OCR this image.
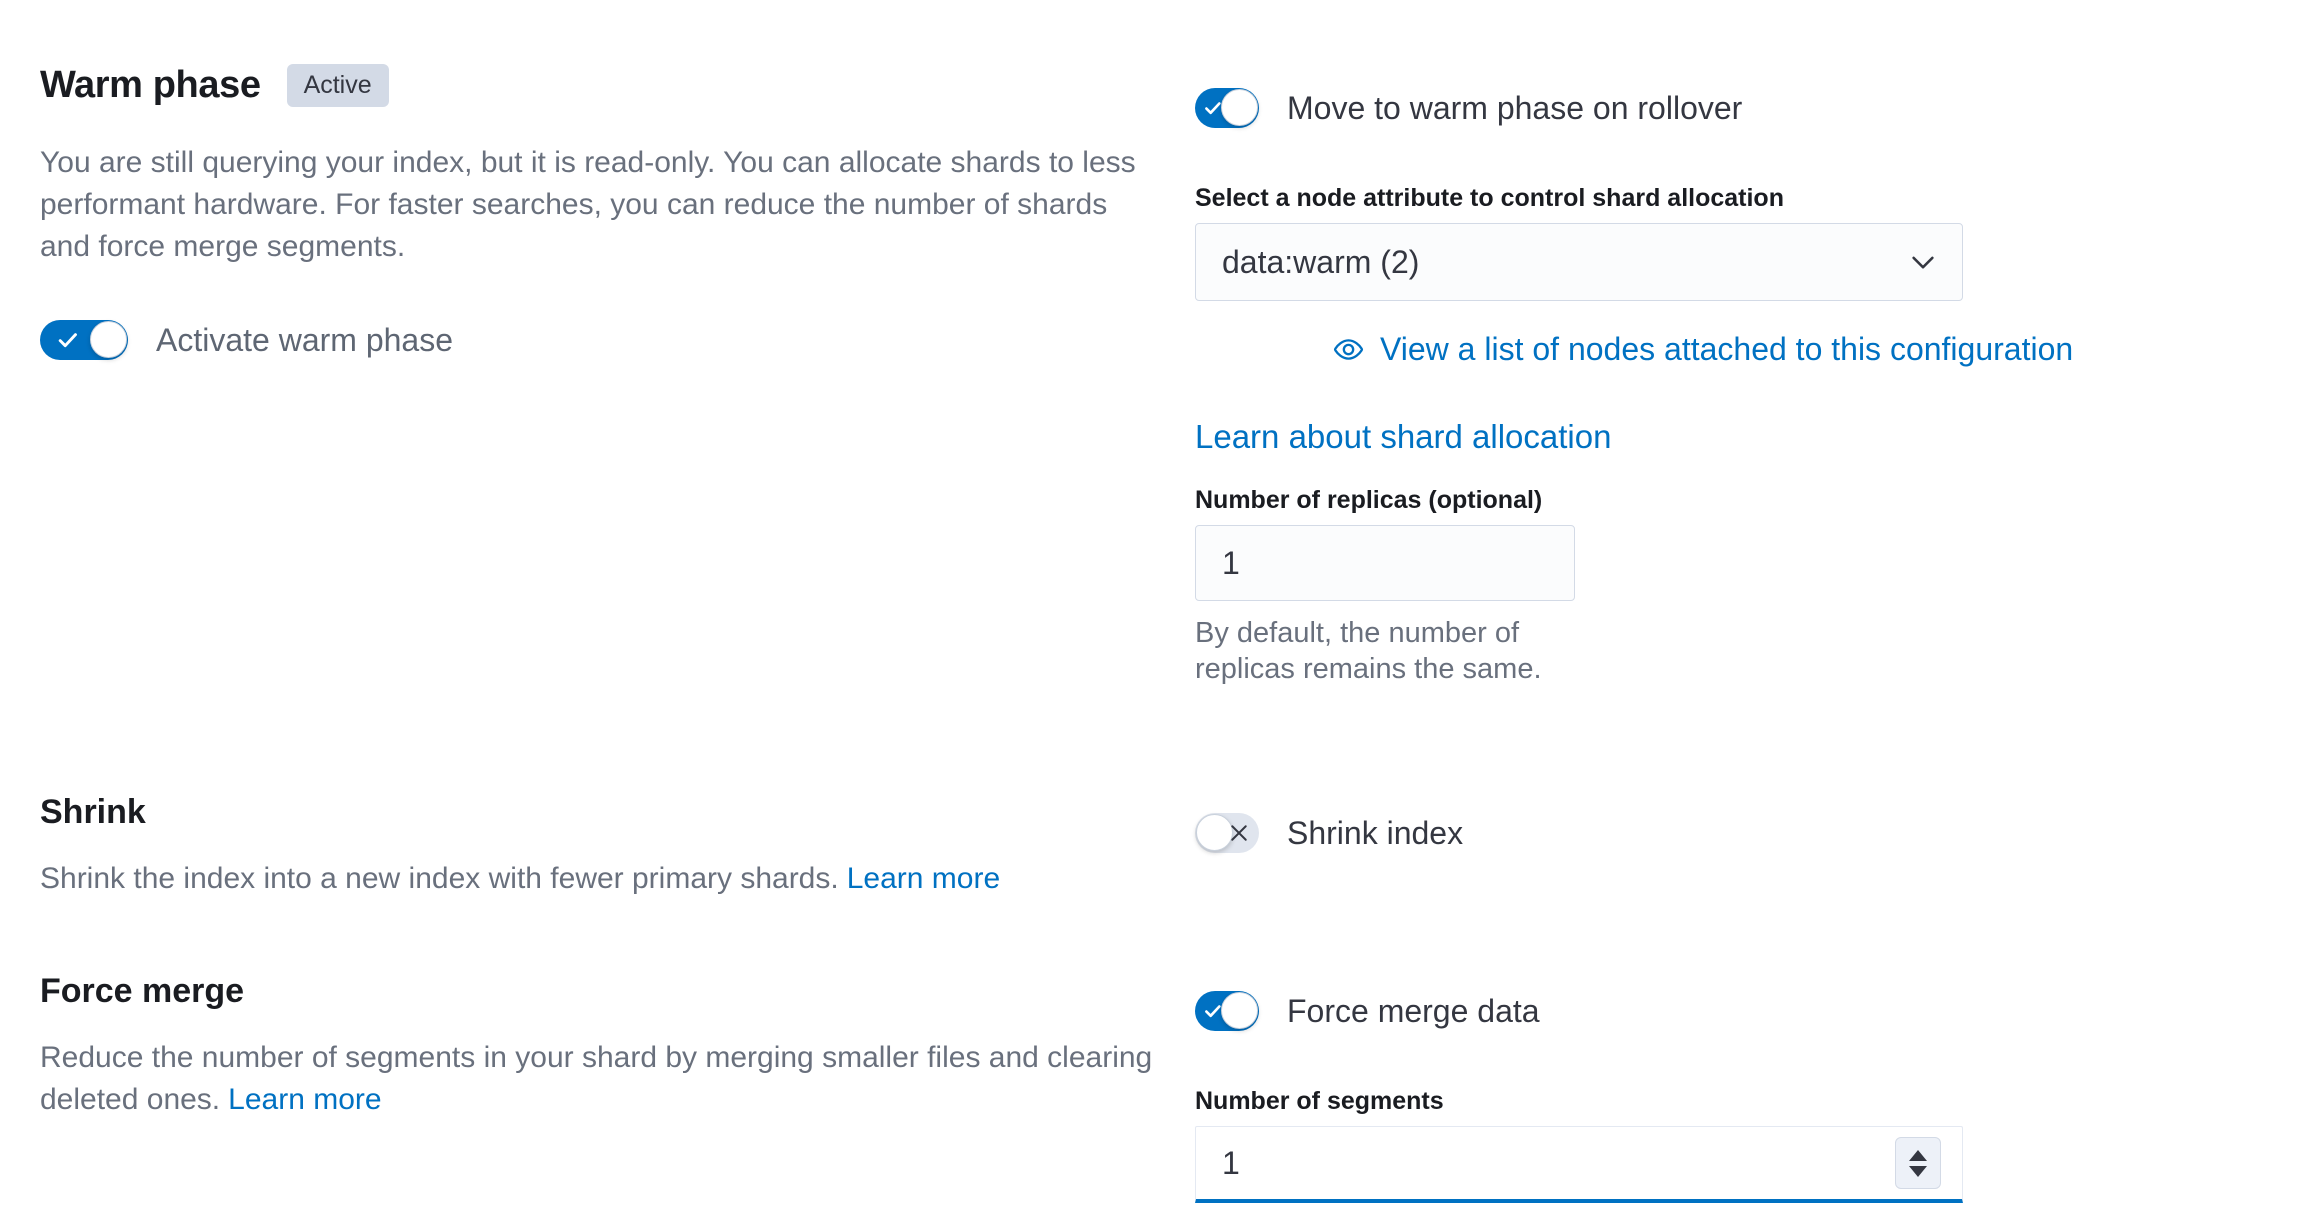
Warm phase	Active

You are still querying your index, but it is read-only. You can allocate shards to less performant hardware. For faster searches, you can reduce the number of shards and force merge segments.

Activate warm phase
Move to warm phase on rollover
Select a node attribute to control shard allocation
data:warm (2)
View a list of nodes attached to this configuration
Learn about shard allocation
Number of replicas (optional)
1

By default, the number of replicas remains the same.

Shrink

Shrink the index into a new index with fewer primary shards. Learn more

Shrink index
Force merge

Reduce the number of segments in your shard by merging smaller files and clearing deleted ones. Learn more

Force merge data
Number of segments
1
